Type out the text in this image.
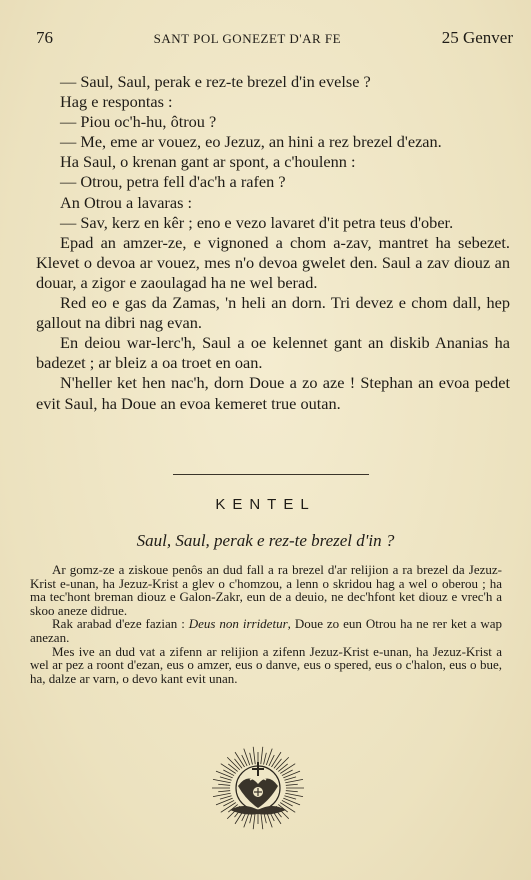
76	SANT POL GONEZET D'AR FE	25 Genver

— Saul, Saul, perak e rez-te brezel d'in evelse ?

Hag e respontas :

— Piou oc'h-hu, ôtrou ?

— Me, eme ar vouez, eo Jezuz, an hini a rez brezel d'ezan.

Ha Saul, o krenan gant ar spont, a c'houlenn :

— Otrou, petra fell d'ac'h a rafen ?

An Otrou a lavaras :

— Sav, kerz en kêr ; eno e vezo lavaret d'it petra teus d'ober.

Epad an amzer-ze, e vignoned a chom a-zav, mantret ha sebezet. Klevet o devoa ar vouez, mes n'o devoa gwelet den. Saul a zav diouz an douar, a zigor e zaoulagad ha ne wel berad.

Red eo e gas da Zamas, 'n heli an dorn. Tri devez e chom dall, hep gallout na dibri nag evan.

En deiou war-lerc'h, Saul a oe kelennet gant an diskib Ananias ha badezet ; ar bleiz a oa troet en oan.

N'heller ket hen nac'h, dorn Doue a zo aze ! Stephan an evoa pedet evit Saul, ha Doue an evoa kemeret true outan.

KENTEL
Saul, Saul, perak e rez-te brezel d'in ?

Ar gomz-ze a ziskoue penôs an dud fall a ra brezel d'ar relijion a ra brezel da Jezuz-Krist e-unan, ha Jezuz-Krist a glev o c'homzou, a lenn o skridou hag a wel o oberou ; ha ma tec'hont breman diouz e Galon-Zakr, eun de a deuio, ne dec'hfont ket diouz e vrec'h a skoo aneze didrue.

Rak arabad d'eze fazian : Deus non irridetur, Doue zo eun Otrou ha ne rer ket a wap anezan.

Mes ive an dud vat a zifenn ar relijion a zifenn Jezuz-Krist e-unan, ha Jezuz-Krist a wel ar pez a roont d'ezan, eus o amzer, eus o danve, eus o spered, eus o c'halon, eus o bue, ha, dalze ar varn, o devo kant evit unan.
